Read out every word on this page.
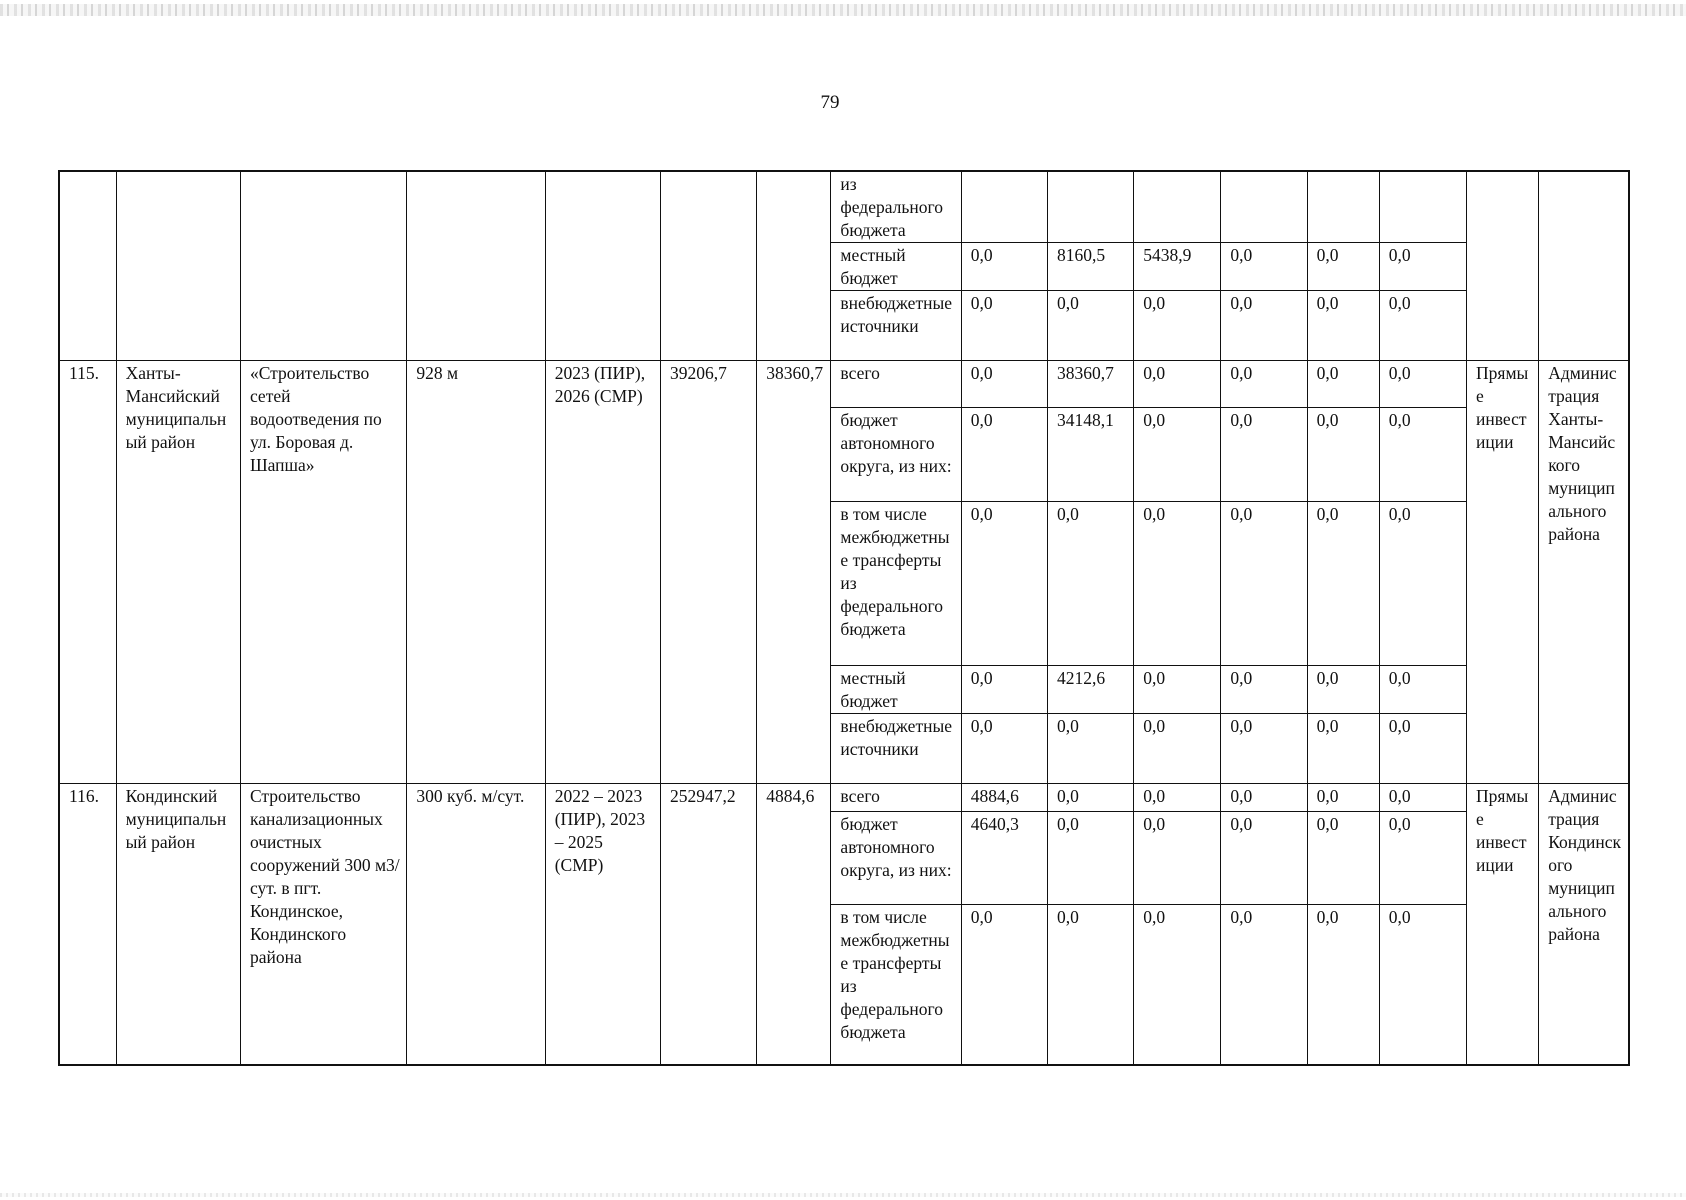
79
							из федерального бюджета								
							местный бюджет	0,0	8160,5	5438,9	0,0	0,0	0,0		
							внебюджетные источники	0,0	0,0	0,0	0,0	0,0	0,0		
115.	Ханты-Мансийский муниципальный район	«Строительство сетей водоотведения по ул. Боровая д. Шапша»	928 м	2023 (ПИР), 2026 (СМР)	39206,7	38360,7	всего	0,0	38360,7	0,0	0,0	0,0	0,0	Прямые инвестиции	Администрация Ханты-Мансийского муниципального района
							бюджет автономного округа, из них:	0,0	34148,1	0,0	0,0	0,0	0,0		
							в том числе межбюджетные трансферты из федерального бюджета	0,0	0,0	0,0	0,0	0,0	0,0		
							местный бюджет	0,0	4212,6	0,0	0,0	0,0	0,0		
							внебюджетные источники	0,0	0,0	0,0	0,0	0,0	0,0		
116.	Кондинский муниципальный район	Строительство канализационных очистных сооружений 300 м3/сут. в пгт. Кондинское, Кондинского района	300 куб. м/сут.	2022 – 2023 (ПИР), 2023 – 2025 (СМР)	252947,2	4884,6	всего	4884,6	0,0	0,0	0,0	0,0	0,0	Прямые инвестиции	Администрация Кондинского муниципального района
							бюджет автономного округа, из них:	4640,3	0,0	0,0	0,0	0,0	0,0		
							в том числе межбюджетные трансферты из федерального бюджета	0,0	0,0	0,0	0,0	0,0	0,0		
